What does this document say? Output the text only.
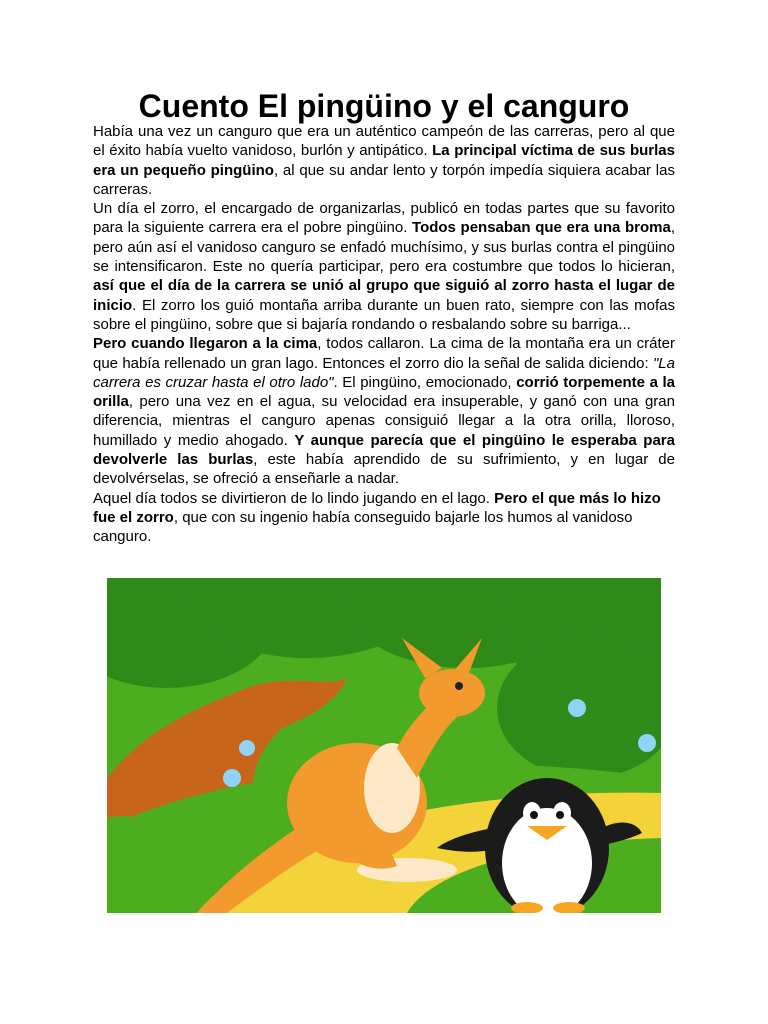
Cuento El pingüino y el canguro

Había una vez un canguro que era un auténtico campeón de las carreras, pero al que el éxito había vuelto vanidoso, burlón y antipático. La principal víctima de sus burlas era un pequeño pingüino, al que su andar lento y torpón impedía siquiera acabar las carreras.

Un día el zorro, el encargado de organizarlas, publicó en todas partes que su favorito para la siguiente carrera era el pobre pingüino. Todos pensaban que era una broma, pero aún así el vanidoso canguro se enfadó muchísimo, y sus burlas contra el pingüino se intensificaron. Este no quería participar, pero era costumbre que todos lo hicieran, así que el día de la carrera se unió al grupo que siguió al zorro hasta el lugar de inicio. El zorro los guió montaña arriba durante un buen rato, siempre con las mofas sobre el pingüino, sobre que si bajaría rondando o resbalando sobre su barriga...

Pero cuando llegaron a la cima, todos callaron. La cima de la montaña era un cráter que había rellenado un gran lago. Entonces el zorro dio la señal de salida diciendo: "La carrera es cruzar hasta el otro lado". El pingüino, emocionado, corrió torpemente a la orilla, pero una vez en el agua, su velocidad era insuperable, y ganó con una gran diferencia, mientras el canguro apenas consiguió llegar a la otra orilla, lloroso, humillado y medio ahogado. Y aunque parecía que el pingüino le esperaba para devolverle las burlas, este había aprendido de su sufrimiento, y en lugar de devolvérselas, se ofreció a enseñarle a nadar.

Aquel día todos se divirtieron de lo lindo jugando en el lago. Pero el que más lo hizo fue el zorro, que con su ingenio había conseguido bajarle los humos al vanidoso canguro.
